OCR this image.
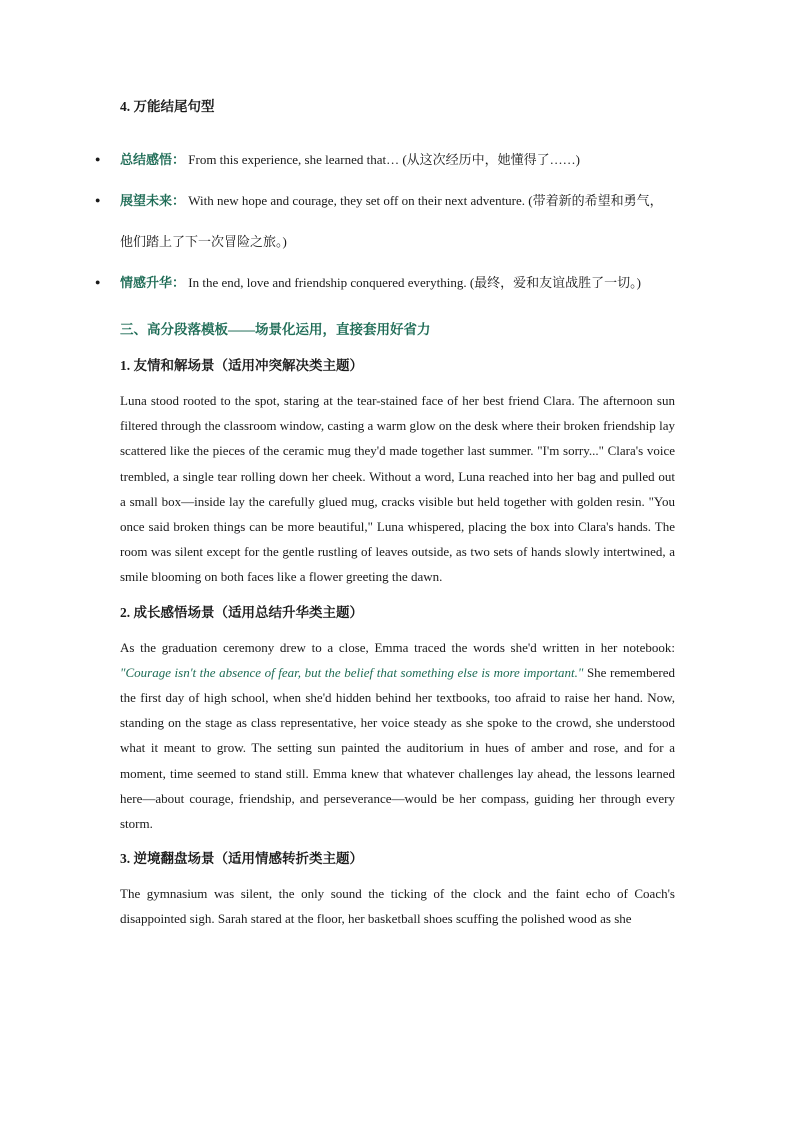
4. 万能结尾句型
● 总结感悟： From this experience, she learned that… (从这次经历中，她懂得了……)
● 展望未来： With new hope and courage, they set off on their next adventure. (带着新的希望和勇气，他们踏上了下一次冒险之旅。)
● 情感升华： In the end, love and friendship conquered everything. (最终，爱和友谊战胜了一切。)
三、高分段落模板——场景化运用，直接套用好省力
1. 友情和解场景（适用冲突解决类主题）

Luna stood rooted to the spot, staring at the tear-stained face of her best friend Clara. The afternoon sun filtered through the classroom window, casting a warm glow on the desk where their broken friendship lay scattered like the pieces of the ceramic mug they'd made together last summer. "I'm sorry..." Clara's voice trembled, a single tear rolling down her cheek. Without a word, Luna reached into her bag and pulled out a small box—inside lay the carefully glued mug, cracks visible but held together with golden resin. "You once said broken things can be more beautiful," Luna whispered, placing the box into Clara's hands. The room was silent except for the gentle rustling of leaves outside, as two sets of hands slowly intertwined, a smile blooming on both faces like a flower greeting the dawn.

2. 成长感悟场景（适用总结升华类主题）

As the graduation ceremony drew to a close, Emma traced the words she'd written in her notebook: "Courage isn't the absence of fear, but the belief that something else is more important." She remembered the first day of high school, when she'd hidden behind her textbooks, too afraid to raise her hand. Now, standing on the stage as class representative, her voice steady as she spoke to the crowd, she understood what it meant to grow. The setting sun painted the auditorium in hues of amber and rose, and for a moment, time seemed to stand still. Emma knew that whatever challenges lay ahead, the lessons learned here—about courage, friendship, and perseverance—would be her compass, guiding her through every storm.

3. 逆境翻盘场景（适用情感转折类主题）

The gymnasium was silent, the only sound the ticking of the clock and the faint echo of Coach's disappointed sigh. Sarah stared at the floor, her basketball shoes scuffing the polished wood as she
